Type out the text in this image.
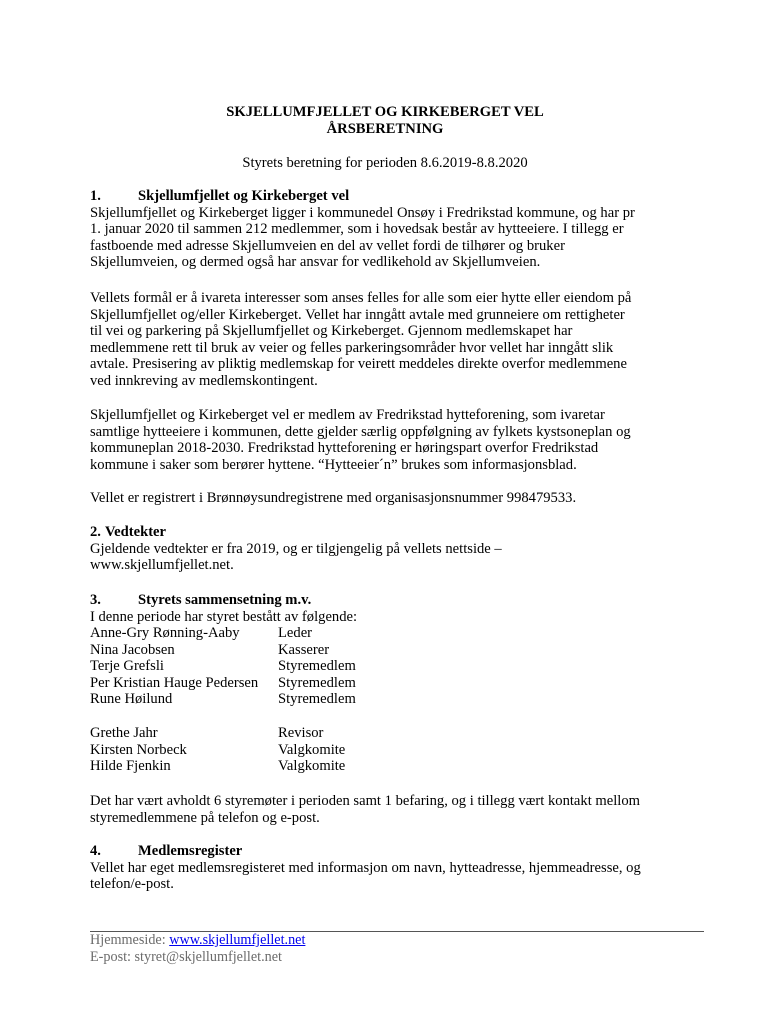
SKJELLUMFJELLET OG KIRKEBERGET VEL
ÅRSBERETNING
Styrets beretning for perioden 8.6.2019-8.8.2020

1.	Skjellumfjellet og Kirkeberget vel

Skjellumfjellet og Kirkeberget ligger i kommunedel Onsøy i Fredrikstad kommune, og har pr

1. januar 2020 til sammen 212 medlemmer, som i hovedsak består av hytteeiere. I tillegg er

fastboende med adresse Skjellumveien en del av vellet fordi de tilhører og bruker

Skjellumveien, og dermed også har ansvar for vedlikehold av Skjellumveien.

Vellets formål er å ivareta interesser som anses felles for alle som eier hytte eller eiendom på

Skjellumfjellet og/eller Kirkeberget. Vellet har inngått avtale med grunneiere om rettigheter

til vei og parkering på Skjellumfjellet og Kirkeberget. Gjennom medlemskapet har

medlemmene rett til bruk av veier og felles parkeringsområder hvor vellet har inngått slik

avtale. Presisering av pliktig medlemskap for veirett meddeles direkte overfor medlemmene

ved innkreving av medlemskontingent.

Skjellumfjellet og Kirkeberget vel er medlem av Fredrikstad hytteforening, som ivaretar

samtlige hytteeiere i kommunen, dette gjelder særlig oppfølgning av fylkets kystsoneplan og

kommuneplan 2018-2030. Fredrikstad hytteforening er høringspart overfor Fredrikstad

kommune i saker som berører hyttene. “Hytteeier´n” brukes som informasjonsblad.

Vellet er registrert i Brønnøysundregistrene med organisasjonsnummer 998479533.

2. Vedtekter

Gjeldende vedtekter er fra 2019, og er tilgjengelig på vellets nettside –

www.skjellumfjellet.net.

3.	Styrets sammensetning m.v.

I denne periode har styret bestått av følgende:

Anne-Gry Rønning-Aaby	Leder
Nina Jacobsen	Kasserer
Terje Grefsli	Styremedlem
Per Kristian Hauge Pedersen	Styremedlem
Rune Høilund	Styremedlem
Grethe Jahr	Revisor
Kirsten Norbeck	Valgkomite
Hilde Fjenkin	Valgkomite

Det har vært avholdt 6 styremøter i perioden samt 1 befaring, og i tillegg vært kontakt mellom

styremedlemmene på telefon og e-post.

4.	Medlemsregister

Vellet har eget medlemsregisteret med informasjon om navn, hytteadresse, hjemmeadresse, og

telefon/e-post.

Hjemmeside: www.skjellumfjellet.net
E-post: styret@skjellumfjellet.net
